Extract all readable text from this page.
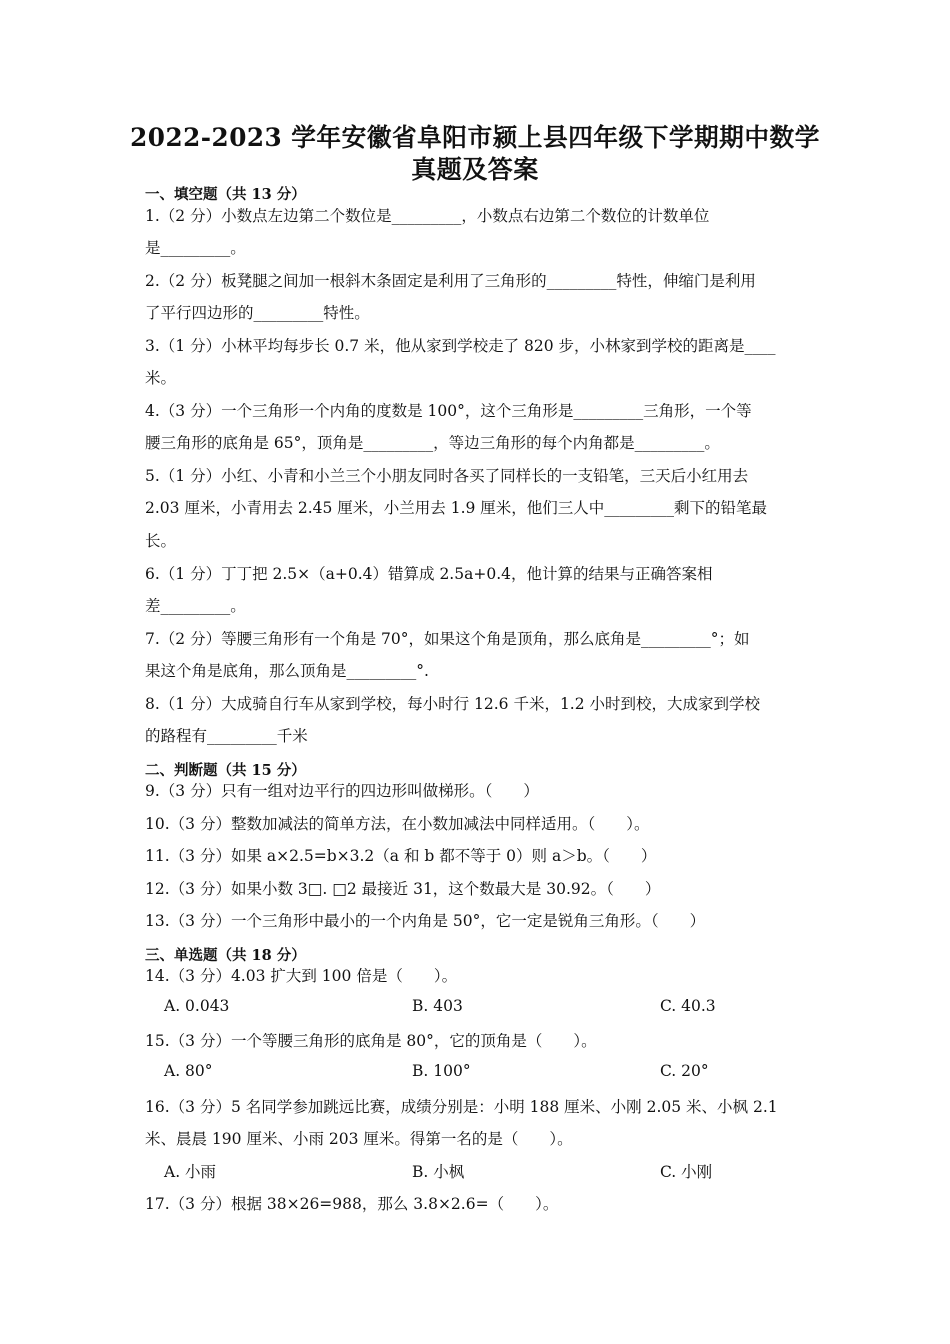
2022-2023 学年安徽省阜阳市颍上县四年级下学期期中数学
真题及答案
一、填空题（共 13 分）
1.（2 分）小数点左边第二个数位是_________，小数点右边第二个数位的计数单位
是_________。
2.（2 分）板凳腿之间加一根斜木条固定是利用了三角形的_________特性，伸缩门是利用
了平行四边形的_________特性。
3.（1 分）小林平均每步长 0.7 米，他从家到学校走了 820 步，小林家到学校的距离是____
米。
4.（3 分）一个三角形一个内角的度数是 100°，这个三角形是_________三角形，一个等
腰三角形的底角是 65°，顶角是_________，等边三角形的每个内角都是_________。
5.（1 分）小红、小青和小兰三个小朋友同时各买了同样长的一支铅笔，三天后小红用去
2.03 厘米，小青用去 2.45 厘米，小兰用去 1.9 厘米，他们三人中_________剩下的铅笔最
长。
6.（1 分）丁丁把 2.5×（a+0.4）错算成 2.5a+0.4，他计算的结果与正确答案相
差_________。
7.（2 分）等腰三角形有一个角是 70°，如果这个角是顶角，那么底角是_________°；如
果这个角是底角，那么顶角是_________°.
8.（1 分）大成骑自行车从家到学校，每小时行 12.6 千米，1.2 小时到校，大成家到学校
的路程有_________千米
二、判断题（共 15 分）
9.（3 分）只有一组对边平行的四边形叫做梯形。（　　）
10.（3 分）整数加减法的简单方法，在小数加减法中同样适用。（　　）。
11.（3 分）如果 a×2.5=b×3.2（a 和 b 都不等于 0）则 a＞b。（　　）
12.（3 分）如果小数 3□. □2 最接近 31，这个数最大是 30.92。（　　）
13.（3 分）一个三角形中最小的一个内角是 50°，它一定是锐角三角形。（　　）
三、单选题（共 18 分）
14.（3 分）4.03 扩大到 100 倍是（　　）。
A. 0.043	B. 403	C. 40.3
15.（3 分）一个等腰三角形的底角是 80°，它的顶角是（　　）。
A. 80°	B. 100°	C. 20°
16.（3 分）5 名同学参加跳远比赛，成绩分别是：小明 188 厘米、小刚 2.05 米、小枫 2.1
米、晨晨 190 厘米、小雨 203 厘米。得第一名的是（　　）。
A. 小雨	B. 小枫	C. 小刚
17.（3 分）根据 38×26=988，那么 3.8×2.6=（　　）。
